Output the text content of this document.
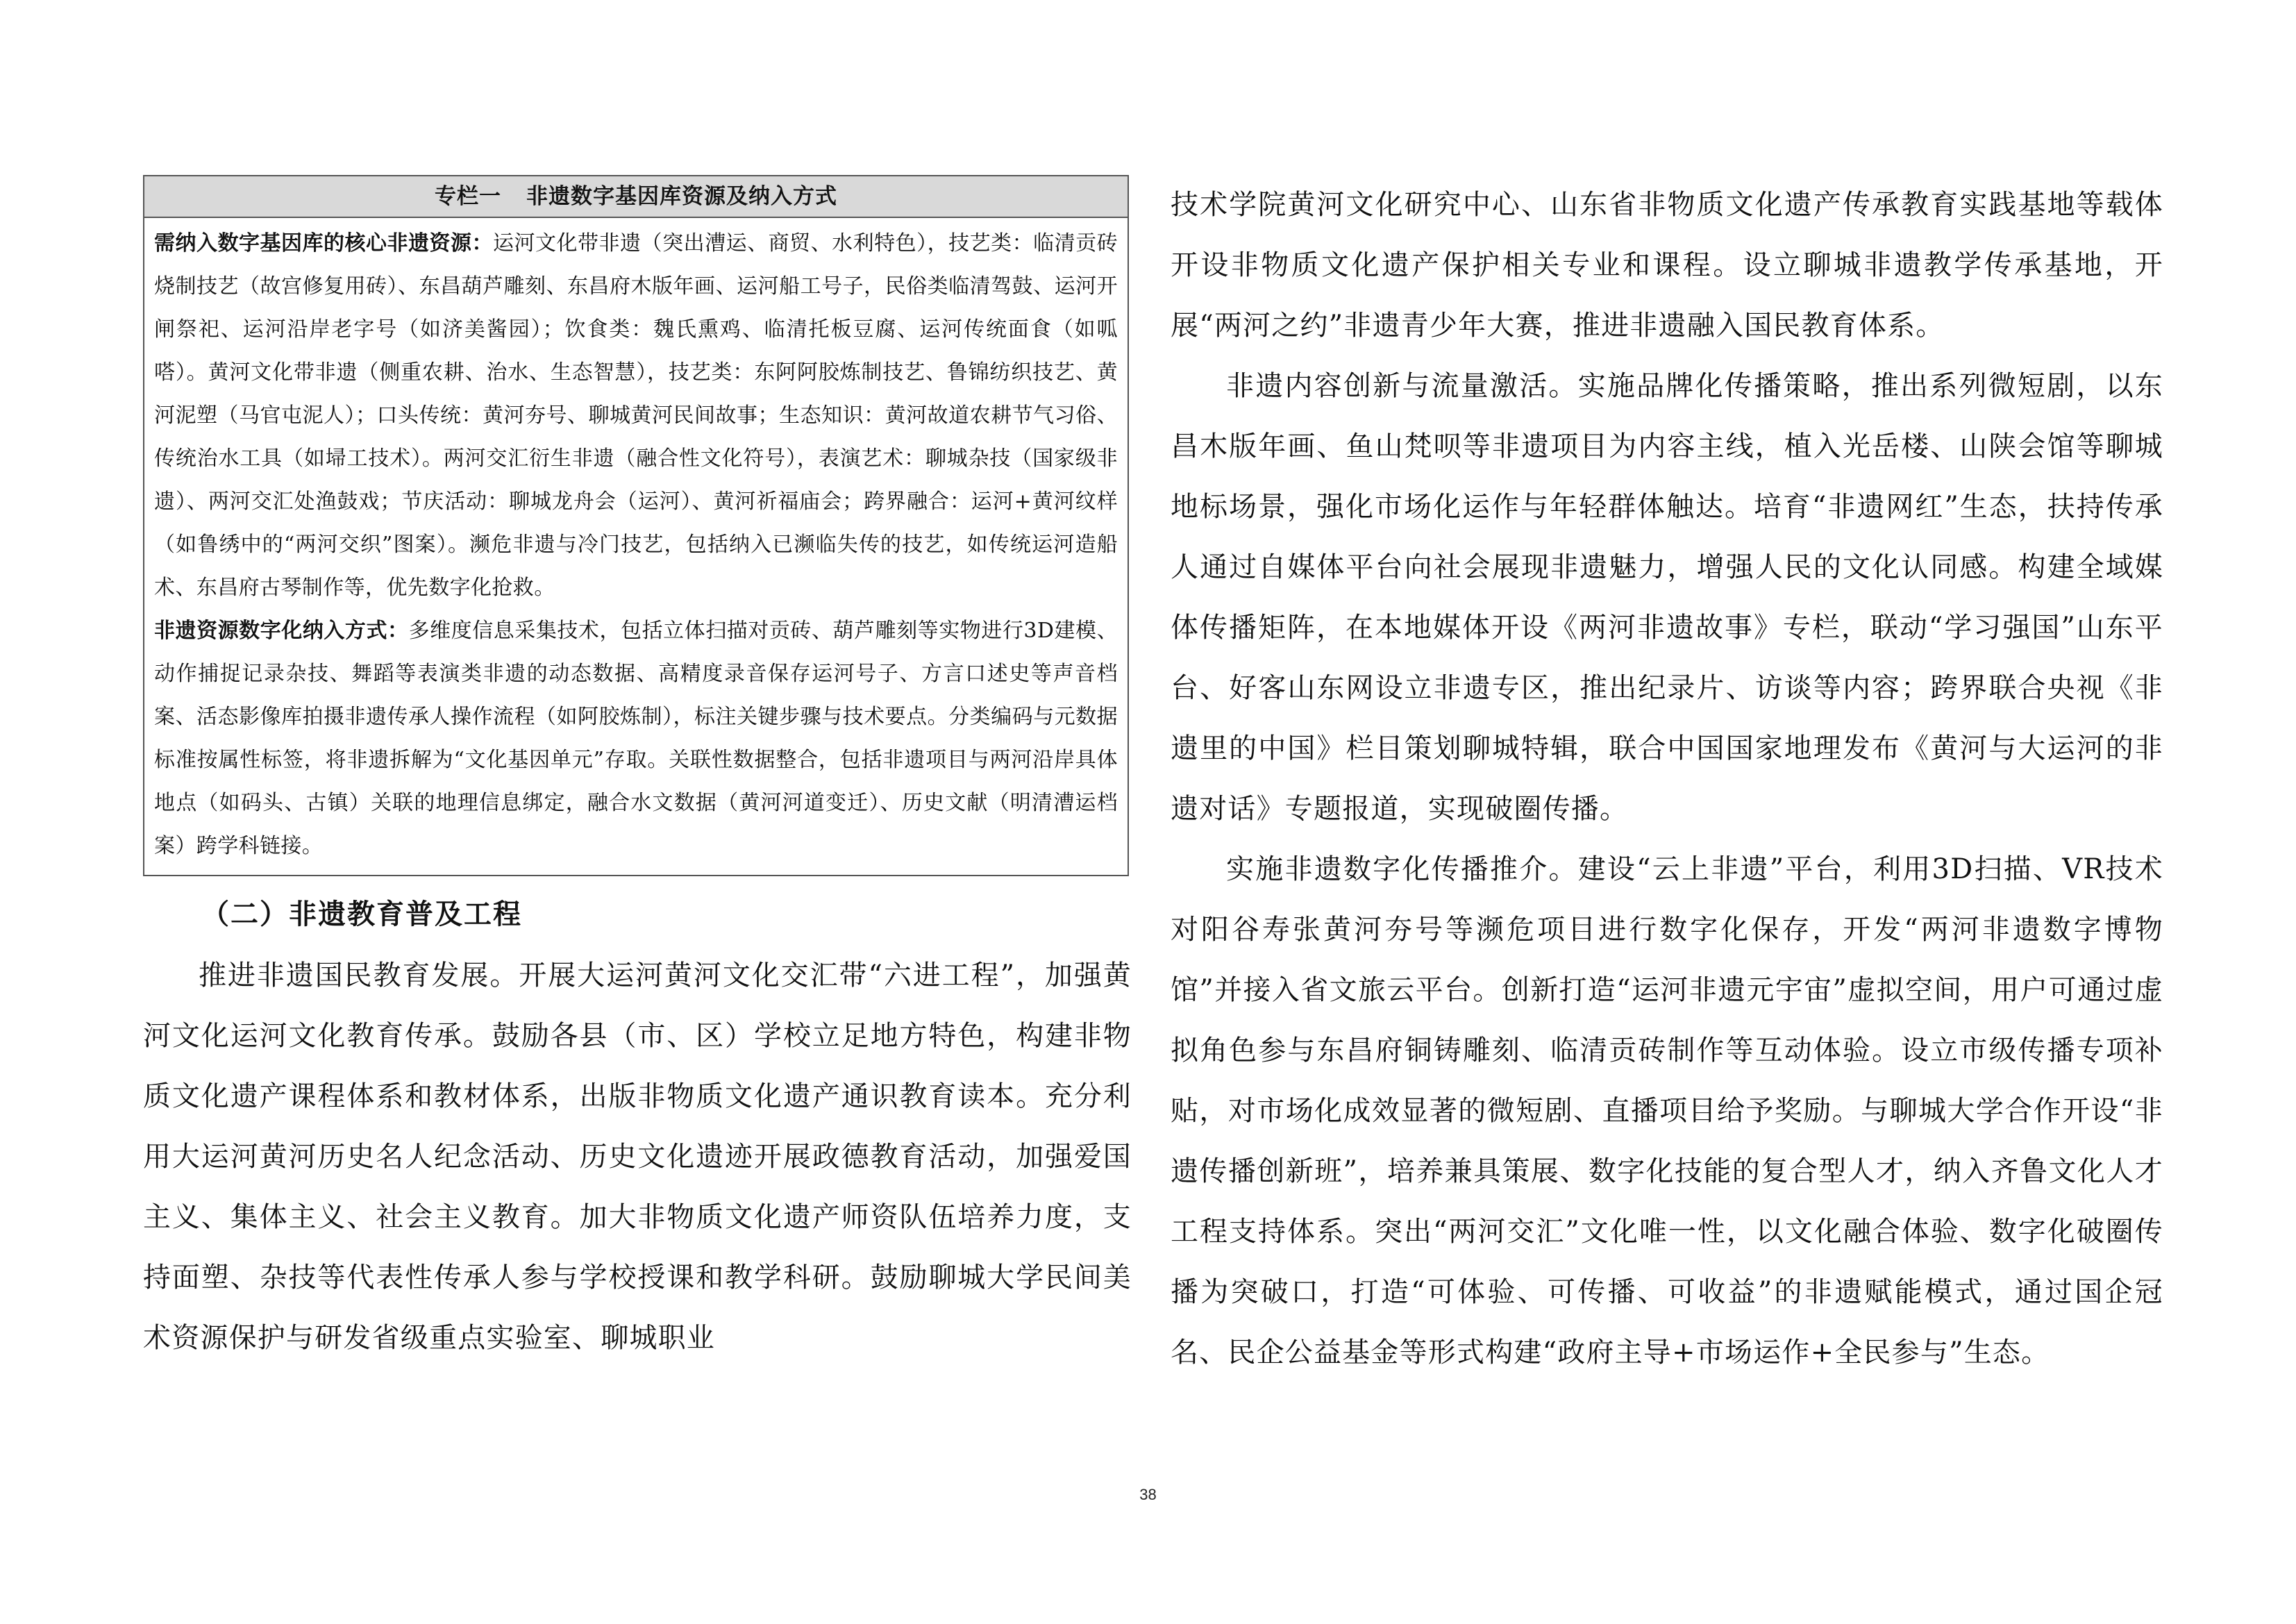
专栏一 非遗数字基因库资源及纳入方式

需纳入数字基因库的核心非遗资源：运河文化带非遗（突出漕运、商贸、水利特色），技艺类：临清贡砖烧制技艺（故宫修复用砖）、东昌葫芦雕刻、东昌府木版年画、运河船工号子，民俗类临清驾鼓、运河开闸祭祀、运河沿岸老字号（如济美酱园）；饮食类：魏氏熏鸡、临清托板豆腐、运河传统面食（如呱嗒）。黄河文化带非遗（侧重农耕、治水、生态智慧），技艺类：东阿阿胶炼制技艺、鲁锦纺织技艺、黄河泥塑（马官屯泥人）；口头传统：黄河夯号、聊城黄河民间故事；生态知识：黄河故道农耕节气习俗、传统治水工具（如埽工技术）。两河交汇衍生非遗（融合性文化符号），表演艺术：聊城杂技（国家级非遗）、两河交汇处渔鼓戏；节庆活动：聊城龙舟会（运河）、黄河祈福庙会；跨界融合：运河+黄河纹样（如鲁绣中的“两河交织”图案）。濒危非遗与冷门技艺，包括纳入已濒临失传的技艺，如传统运河造船术、东昌府古琴制作等，优先数字化抢救。

非遗资源数字化纳入方式：多维度信息采集技术，包括立体扫描对贡砖、葫芦雕刻等实物进行3D建模、动作捕捉记录杂技、舞蹈等表演类非遗的动态数据、高精度录音保存运河号子、方言口述史等声音档案、活态影像库拍摄非遗传承人操作流程（如阿胶炼制），标注关键步骤与技术要点。分类编码与元数据标准按属性标签，将非遗拆解为“文化基因单元”存取。关联性数据整合，包括非遗项目与两河沿岸具体地点（如码头、古镇）关联的地理信息绑定，融合水文数据（黄河河道变迁）、历史文献（明清漕运档案）跨学科链接。

（二）非遗教育普及工程

推进非遗国民教育发展。开展大运河黄河文化交汇带“六进工程”，加强黄河文化运河文化教育传承。鼓励各县（市、区）学校立足地方特色，构建非物质文化遗产课程体系和教材体系，出版非物质文化遗产通识教育读本。充分利用大运河黄河历史名人纪念活动、历史文化遗迹开展政德教育活动，加强爱国主义、集体主义、社会主义教育。加大非物质文化遗产师资队伍培养力度，支持面塑、杂技等代表性传承人参与学校授课和教学科研。鼓励聊城大学民间美术资源保护与研发省级重点实验室、聊城职业

技术学院黄河文化研究中心、山东省非物质文化遗产传承教育实践基地等载体开设非物质文化遗产保护相关专业和课程。设立聊城非遗教学传承基地，开展“两河之约”非遗青少年大赛，推进非遗融入国民教育体系。

非遗内容创新与流量激活。实施品牌化传播策略，推出系列微短剧，以东昌木版年画、鱼山梵呗等非遗项目为内容主线，植入光岳楼、山陕会馆等聊城地标场景，强化市场化运作与年轻群体触达。培育“非遗网红”生态，扶持传承人通过自媒体平台向社会展现非遗魅力，增强人民的文化认同感。构建全域媒体传播矩阵，在本地媒体开设《两河非遗故事》专栏，联动“学习强国”山东平台、好客山东网设立非遗专区，推出纪录片、访谈等内容；跨界联合央视《非遗里的中国》栏目策划聊城特辑，联合中国国家地理发布《黄河与大运河的非遗对话》专题报道，实现破圈传播。

实施非遗数字化传播推介。建设“云上非遗”平台，利用3D扫描、VR技术对阳谷寿张黄河夯号等濒危项目进行数字化保存，开发“两河非遗数字博物馆”并接入省文旅云平台。创新打造“运河非遗元宇宙”虚拟空间，用户可通过虚拟角色参与东昌府铜铸雕刻、临清贡砖制作等互动体验。设立市级传播专项补贴，对市场化成效显著的微短剧、直播项目给予奖励。与聊城大学合作开设“非遗传播创新班”，培养兼具策展、数字化技能的复合型人才，纳入齐鲁文化人才工程支持体系。突出“两河交汇”文化唯一性，以文化融合体验、数字化破圈传播为突破口，打造“可体验、可传播、可收益”的非遗赋能模式，通过国企冠名、民企公益基金等形式构建“政府主导+市场运作+全民参与”生态。

38
